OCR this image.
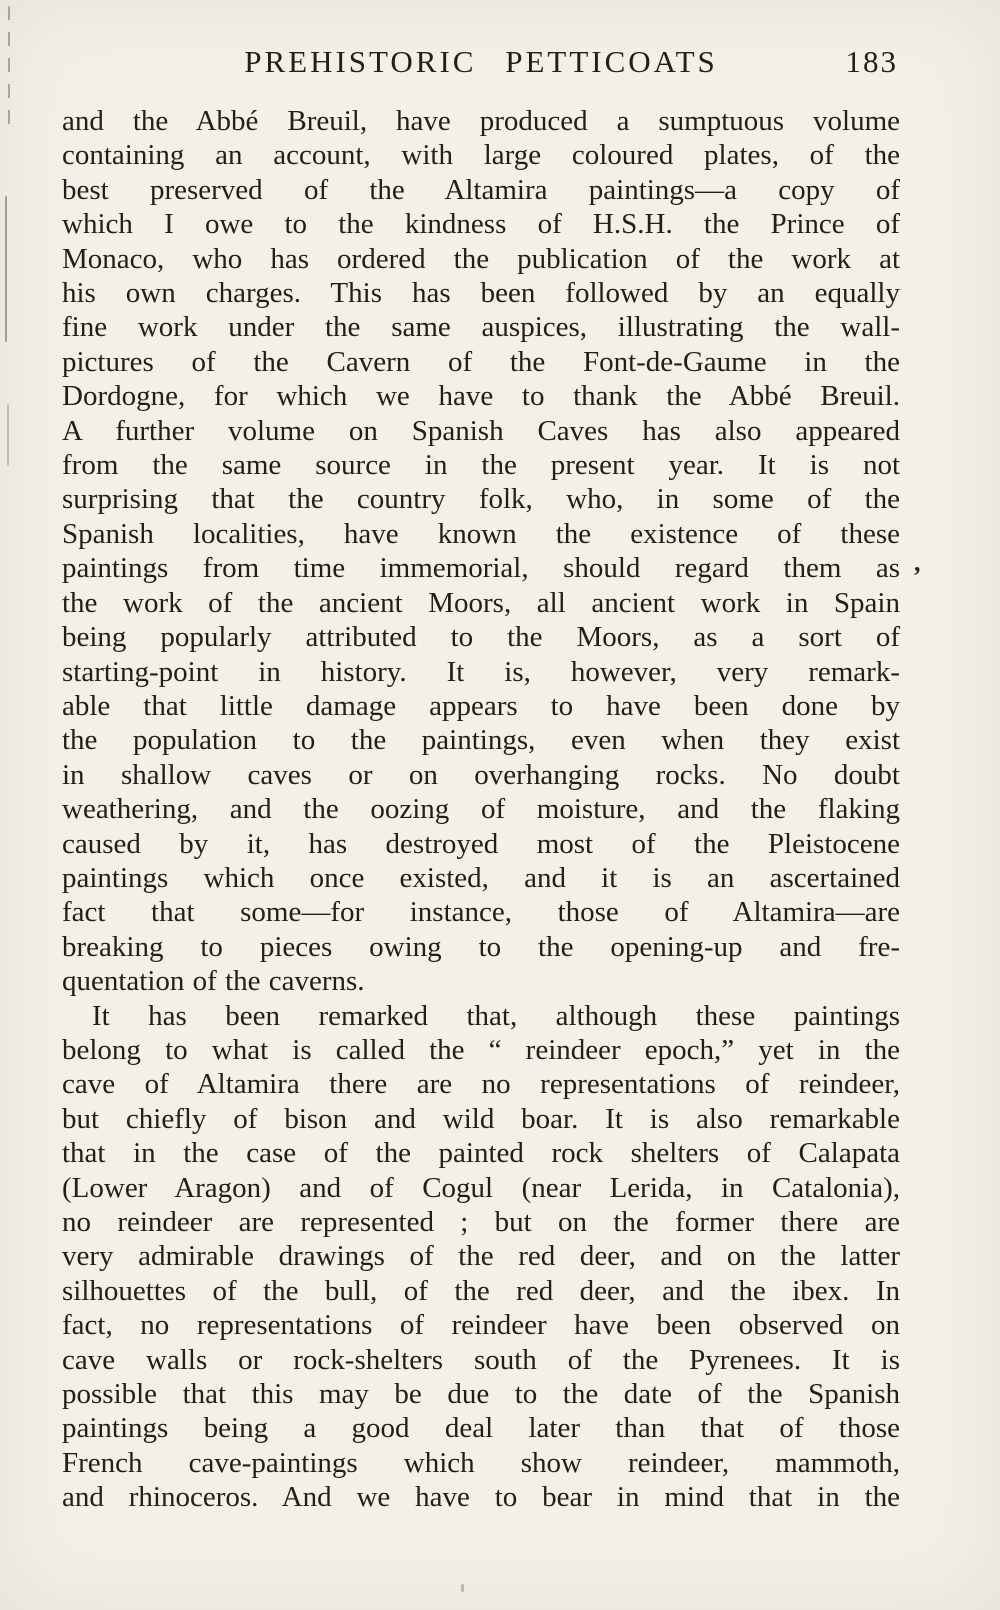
PREHISTORIC PETTICOATS	183
and the Abbé Breuil, have produced a sumptuous volume
containing an account, with large coloured plates, of the
best preserved of the Altamira paintings—a copy of
which I owe to the kindness of H.S.H. the Prince of
Monaco, who has ordered the publication of the work at
his own charges. This has been followed by an equally
fine work under the same auspices, illustrating the wall-
pictures of the Cavern of the Font-de-Gaume in the
Dordogne, for which we have to thank the Abbé Breuil.
A further volume on Spanish Caves has also appeared
from the same source in the present year. It is not
surprising that the country folk, who, in some of the
Spanish localities, have known the existence of these
paintings from time immemorial, should regard them as
the work of the ancient Moors, all ancient work in Spain
being popularly attributed to the Moors, as a sort of
starting-point in history. It is, however, very remark-
able that little damage appears to have been done by
the population to the paintings, even when they exist
in shallow caves or on overhanging rocks. No doubt
weathering, and the oozing of moisture, and the flaking
caused by it, has destroyed most of the Pleistocene
paintings which once existed, and it is an ascertained
fact that some—for instance, those of Altamira—are
breaking to pieces owing to the opening-up and fre-
quentation of the caverns.
It has been remarked that, although these paintings
belong to what is called the “ reindeer epoch,” yet in the
cave of Altamira there are no representations of reindeer,
but chiefly of bison and wild boar. It is also remarkable
that in the case of the painted rock shelters of Calapata
(Lower Aragon) and of Cogul (near Lerida, in Catalonia),
no reindeer are represented ; but on the former there are
very admirable drawings of the red deer, and on the latter
silhouettes of the bull, of the red deer, and the ibex. In
fact, no representations of reindeer have been observed on
cave walls or rock-shelters south of the Pyrenees. It is
possible that this may be due to the date of the Spanish
paintings being a good deal later than that of those
French cave-paintings which show reindeer, mammoth,
and rhinoceros. And we have to bear in mind that in the
,
